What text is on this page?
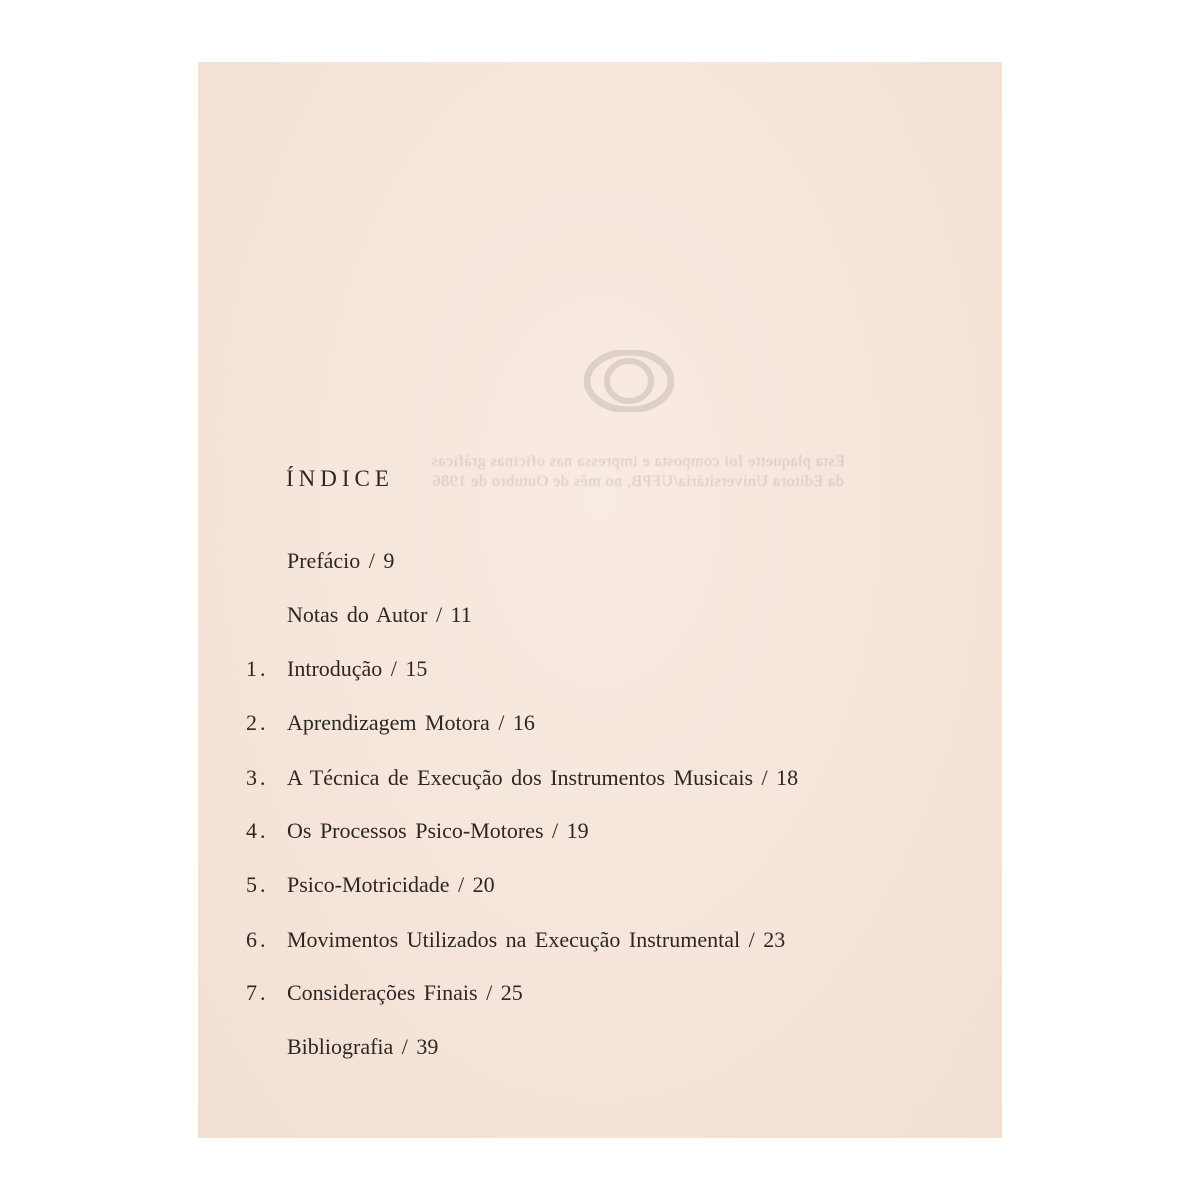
Esta plaquette foi composta e impressa nas oficinas gráficas da Editora Universitária/UFPB, no mês de Outubro de 1986
ÍNDICE
Prefácio / 9
Notas do Autor / 11
1. Introdução / 15
2. Aprendizagem Motora / 16
3. A Técnica de Execução dos Instrumentos Musicais / 18
4. Os Processos Psico-Motores / 19
5. Psico-Motricidade / 20
6. Movimentos Utilizados na Execução Instrumental / 23
7. Considerações Finais / 25
Bibliografia / 39
